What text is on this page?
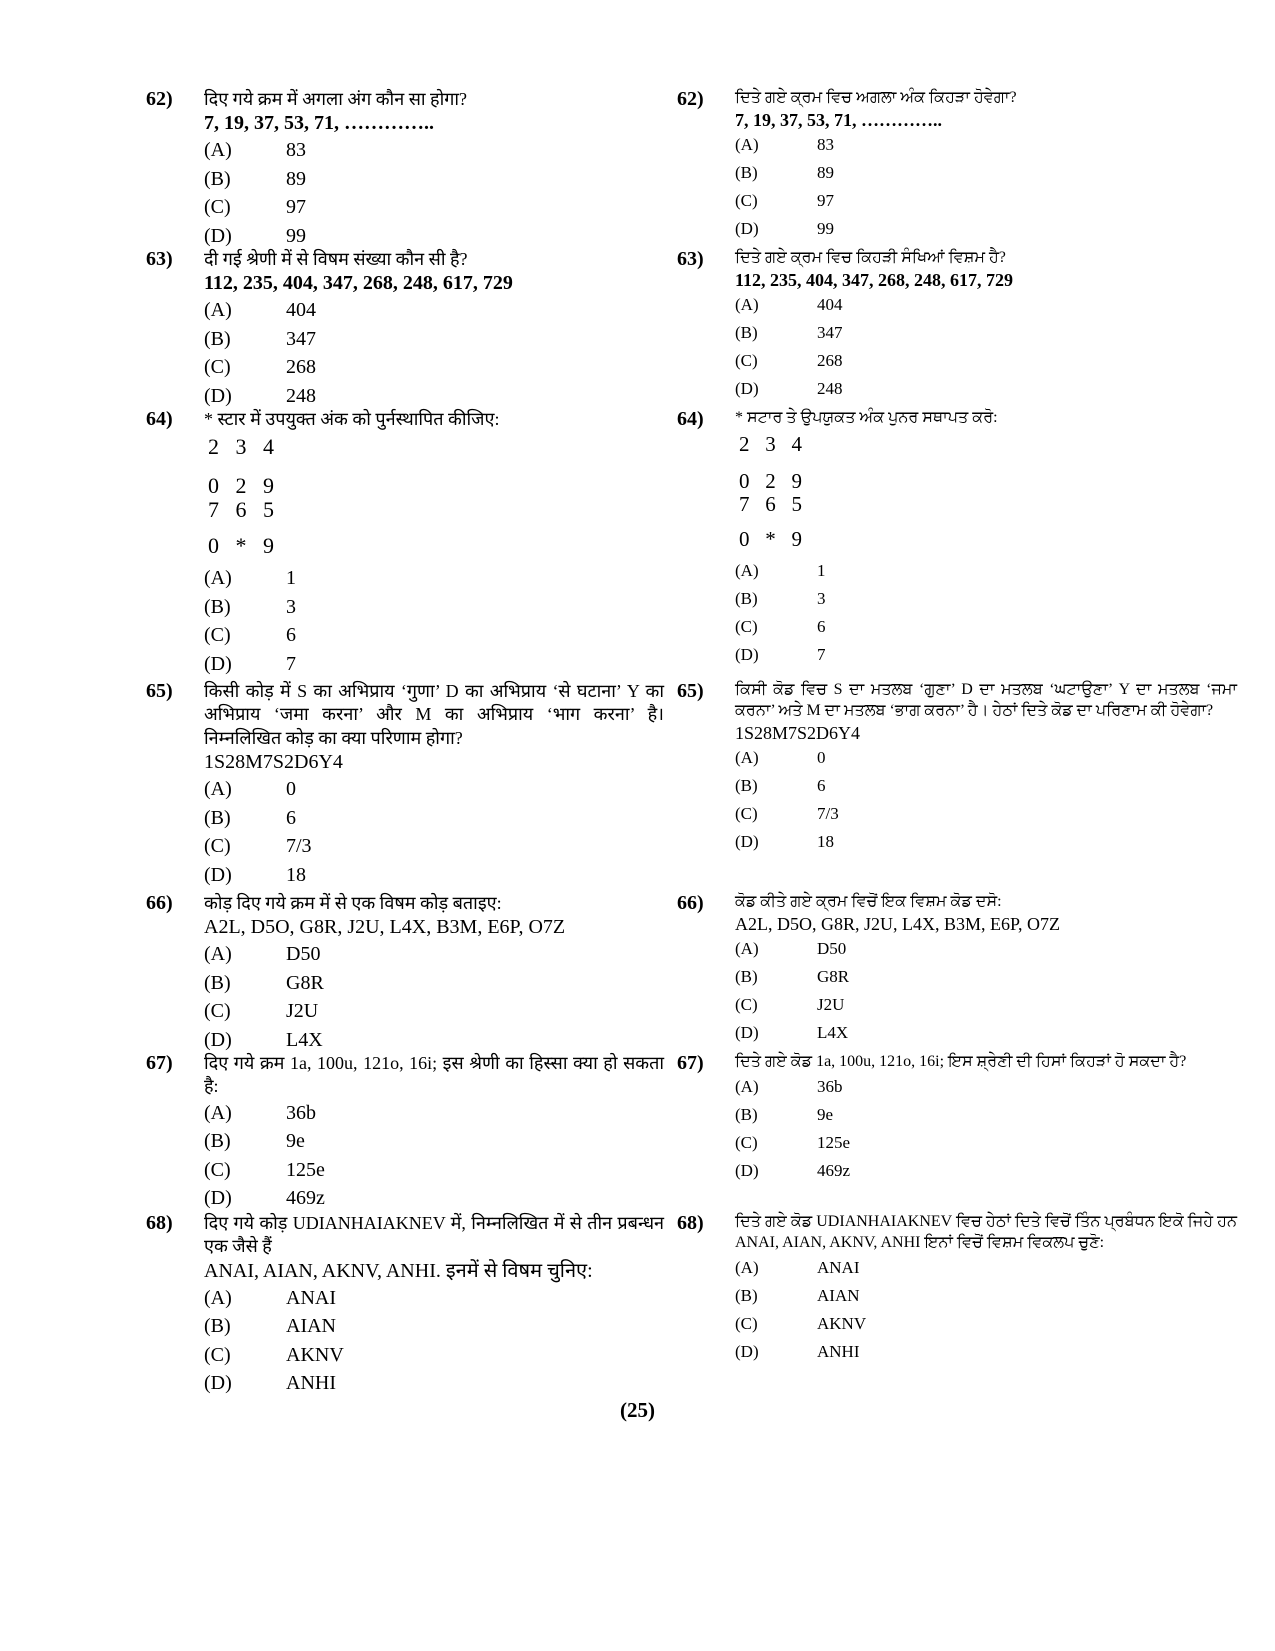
62) दिए गये क्रम में अगला अंग कौन सा होगा?
7, 19, 37, 53, 71, …………..
(A)	83
(B)	89
(C)	97
(D)	99
63) दी गई श्रेणी में से विषम संख्या कौन सी है?
112, 235, 404, 347, 268, 248, 617, 729
(A)	404
(B)	347
(C)	268
(D)	248
64) * स्टार में उपयुक्त अंक को पुर्नस्थापित कीजिए:
2   3   4
0   2   9
7   6   5
0   *   9
(A)	1
(B)	3
(C)	6
(D)	7
65) किसी कोड़ में S का अभिप्राय ‘गुणा’ D का अभिप्राय ‘से घटाना’ Y का अभिप्राय ‘जमा करना’ और M का अभिप्राय ‘भाग करना’ है। निम्नलिखित कोड़ का क्या परिणाम होगा?
1S28M7S2D6Y4
(A)	0
(B)	6
(C)	7/3
(D)	18
66) कोड़ दिए गये क्रम में से एक विषम कोड़ बताइए:
A2L, D5O, G8R, J2U, L4X, B3M, E6P, O7Z
(A)	D50
(B)	G8R
(C)	J2U
(D)	L4X
67) दिए गये क्रम 1a, 100u, 121o, 16i; इस श्रेणी का हिस्सा क्या हो सकता है:
(A)	36b
(B)	9e
(C)	125e
(D)	469z
68) दिए गये कोड़ UDIANHAIAKNEV में, निम्नलिखित में से तीन प्रबन्धन एक जैसे हैं
ANAI, AIAN, AKNV, ANHI. इनमें से विषम चुनिए:
(A)	ANAI
(B)	AIAN
(C)	AKNV
(D)	ANHI
62) ਦਿਤੇ ਗਏ ਕ੍ਰਮ ਵਿਚ ਅਗਲਾ ਅੰਕ ਕਿਹੜਾ ਹੋਵੇਗਾ?
7, 19, 37, 53, 71, …………..
(A)	83
(B)	89
(C)	97
(D)	99
63) ਦਿਤੇ ਗਏ ਕ੍ਰਮ ਵਿਚ ਕਿਹੜੀ ਸੰਖਿਆਂ ਵਿਸ਼ਮ ਹੈ?
112, 235, 404, 347, 268, 248, 617, 729
(A)	404
(B)	347
(C)	268
(D)	248
64) * ਸਟਾਰ ਤੇ ਉਪਯੁਕਤ ਅੰਕ ਪੁਨਰ ਸਥਾਪਤ ਕਰੋ:
2   3   4
0   2   9
7   6   5
0   *   9
(A)	1
(B)	3
(C)	6
(D)	7
65) ਕਿਸੀ ਕੋਡ ਵਿਚ S ਦਾ ਮਤਲਬ ‘ਗੁਣਾ’ D ਦਾ ਮਤਲਬ ‘ਘਟਾਉਣਾ’ Y ਦਾ ਮਤਲਬ ‘ਜਮਾ ਕਰਨਾ’ ਅਤੇ M ਦਾ ਮਤਲਬ ‘ਭਾਗ ਕਰਨਾ’ ਹੈ। ਹੇਠਾਂ ਦਿਤੇ ਕੋਡ ਦਾ ਪਰਿਣਾਮ ਕੀ ਹੋਵੇਗਾ?
1S28M7S2D6Y4
(A)	0
(B)	6
(C)	7/3
(D)	18
66) ਕੋਡ ਕੀਤੇ ਗਏ ਕ੍ਰਮ ਵਿਚੋਂ ਇਕ ਵਿਸ਼ਮ ਕੋਡ ਦਸੋ:
A2L, D5O, G8R, J2U, L4X, B3M, E6P, O7Z
(A)	D50
(B)	G8R
(C)	J2U
(D)	L4X
67) ਦਿਤੇ ਗਏ ਕੋਡ 1a, 100u, 121o, 16i; ਇਸ ਸ਼੍ਰੇਣੀ ਦੀ ਹਿਸਾਂ ਕਿਹੜਾਂ ਹੋ ਸਕਦਾ ਹੈ?
(A)	36b
(B)	9e
(C)	125e
(D)	469z
68) ਦਿਤੇ ਗਏ ਕੋਡ UDIANHAIAKNEV ਵਿਚ ਹੇਠਾਂ ਦਿਤੇ ਵਿਚੋਂ ਤਿੰਨ ਪ੍ਰਬੰਧਨ ਇਕੋ ਜਿਹੇ ਹਨ ANAI, AIAN, AKNV, ANHI ਇਨਾਂ ਵਿਚੋਂ ਵਿਸ਼ਮ ਵਿਕਲਪ ਚੁਣੋ:
(A)	ANAI
(B)	AIAN
(C)	AKNV
(D)	ANHI
(25)
